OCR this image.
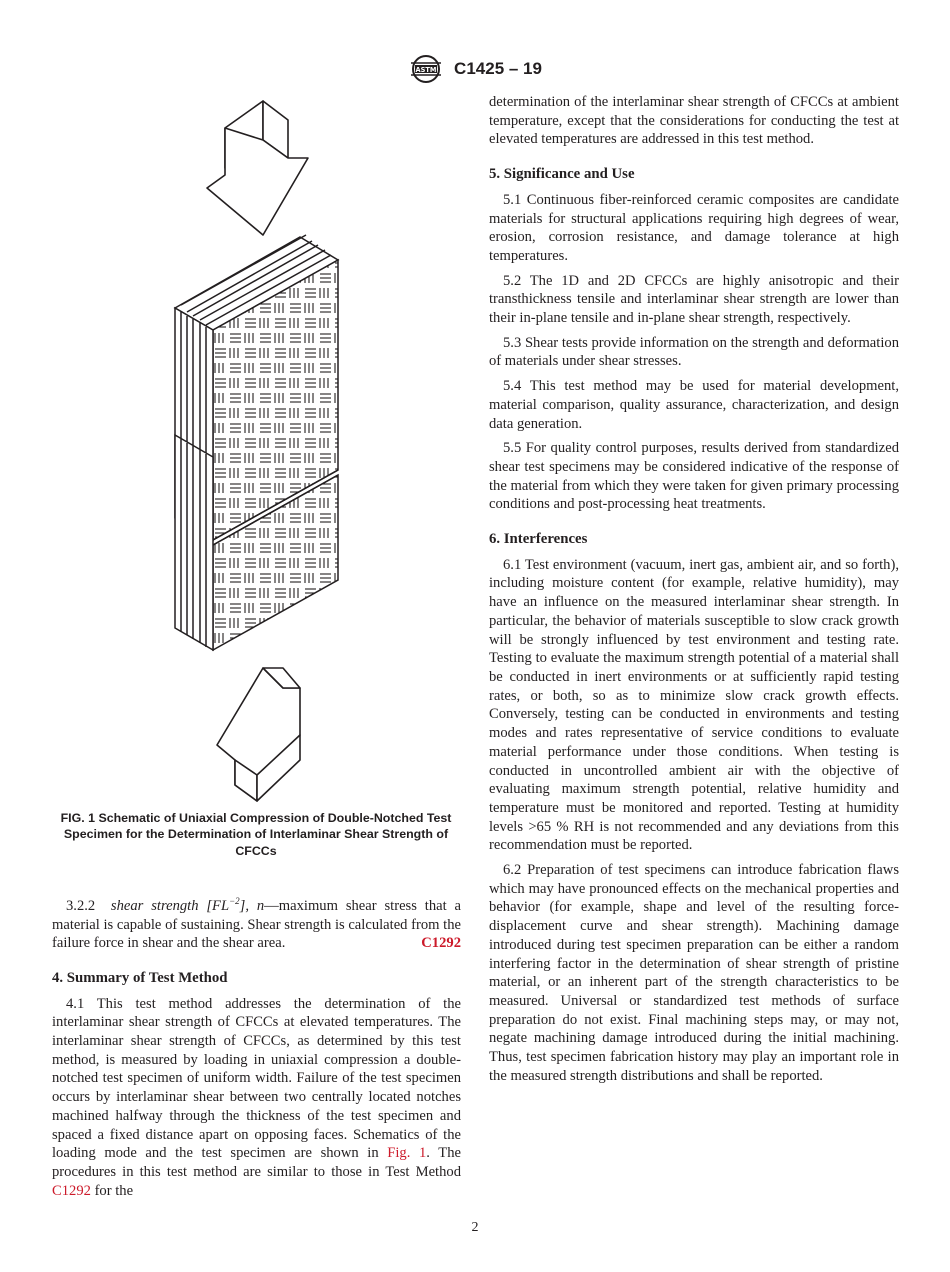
ASTM C1425 – 19
FIG. 1 Schematic of Uniaxial Compression of Double-Notched Test Specimen for the Determination of Interlaminar Shear Strength of CFCCs

3.2.2 shear strength $[FL^{-2}]$, n—maximum shear stress that a material is capable of sustaining. Shear strength is calculated from the failure force in shear and the shear area.	C1292

4. Summary of Test Method

4.1 This test method addresses the determination of the interlaminar shear strength of CFCCs at elevated temperatures. The interlaminar shear strength of CFCCs, as determined by this test method, is measured by loading in uniaxial compression a double-notched test specimen of uniform width. Failure of the test specimen occurs by interlaminar shear between two centrally located notches machined halfway through the thickness of the test specimen and spaced a fixed distance apart on opposing faces. Schematics of the loading mode and the test specimen are shown in Fig. 1. The procedures in this test method are similar to those in Test Method C1292 for the

determination of the interlaminar shear strength of CFCCs at ambient temperature, except that the considerations for conducting the test at elevated temperatures are addressed in this test method.

5. Significance and Use

5.1 Continuous fiber-reinforced ceramic composites are candidate materials for structural applications requiring high degrees of wear, erosion, corrosion resistance, and damage tolerance at high temperatures.

5.2 The 1D and 2D CFCCs are highly anisotropic and their transthickness tensile and interlaminar shear strength are lower than their in-plane tensile and in-plane shear strength, respectively.

5.3 Shear tests provide information on the strength and deformation of materials under shear stresses.

5.4 This test method may be used for material development, material comparison, quality assurance, characterization, and design data generation.

5.5 For quality control purposes, results derived from standardized shear test specimens may be considered indicative of the response of the material from which they were taken for given primary processing conditions and post-processing heat treatments.

6. Interferences

6.1 Test environment (vacuum, inert gas, ambient air, and so forth), including moisture content (for example, relative humidity), may have an influence on the measured interlaminar shear strength. In particular, the behavior of materials susceptible to slow crack growth will be strongly influenced by test environment and testing rate. Testing to evaluate the maximum strength potential of a material shall be conducted in inert environments or at sufficiently rapid testing rates, or both, so as to minimize slow crack growth effects. Conversely, testing can be conducted in environments and testing modes and rates representative of service conditions to evaluate material performance under those conditions. When testing is conducted in uncontrolled ambient air with the objective of evaluating maximum strength potential, relative humidity and temperature must be monitored and reported. Testing at humidity levels >65 % RH is not recommended and any deviations from this recommendation must be reported.

6.2 Preparation of test specimens can introduce fabrication flaws which may have pronounced effects on the mechanical properties and behavior (for example, shape and level of the resulting force-displacement curve and shear strength). Machining damage introduced during test specimen preparation can be either a random interfering factor in the determination of shear strength of pristine material, or an inherent part of the strength characteristics to be measured. Universal or standardized test methods of surface preparation do not exist. Final machining steps may, or may not, negate machining damage introduced during the initial machining. Thus, test specimen fabrication history may play an important role in the measured strength distributions and shall be reported.

2
